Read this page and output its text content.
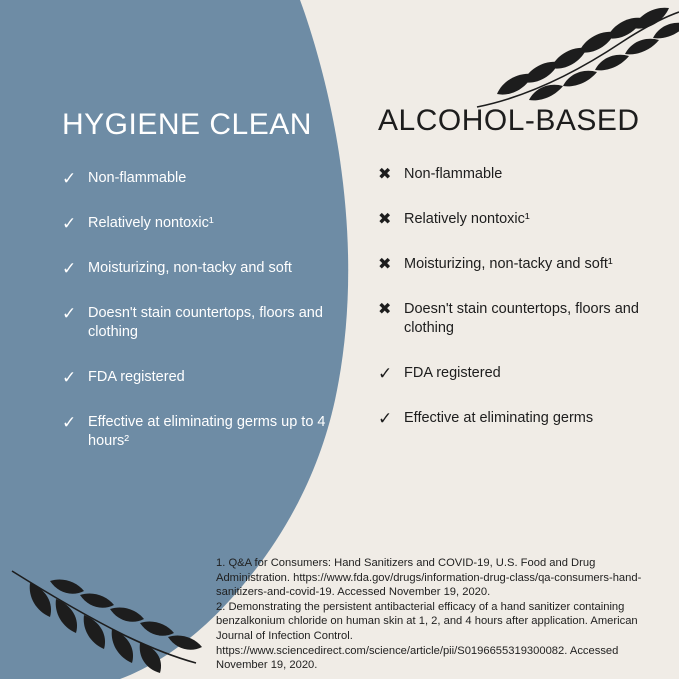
HYGIENE CLEAN
✓ Non-flammable
✓ Relatively nontoxic¹
✓ Moisturizing, non-tacky and soft
✓ Doesn't stain countertops, floors and clothing
✓ FDA registered
✓ Effective at eliminating germs up to 4 hours²
ALCOHOL-BASED
✖ Non-flammable
✖ Relatively nontoxic¹
✖ Moisturizing, non-tacky and soft¹
✖ Doesn't stain countertops, floors and clothing
✓ FDA registered
✓ Effective at eliminating germs

1. Q&A for Consumers: Hand Sanitizers and COVID-19, U.S. Food and Drug Administration. https://www.fda.gov/drugs/information-drug-class/qa-consumers-hand-sanitizers-and-covid-19. Accessed November 19, 2020.

2. Demonstrating the persistent antibacterial efficacy of a hand sanitizer containing benzalkonium chloride on human skin at 1, 2, and 4 hours after application. American Journal of Infection Control. https://www.sciencedirect.com/science/article/pii/S0196655319300082. Accessed November 19, 2020.
